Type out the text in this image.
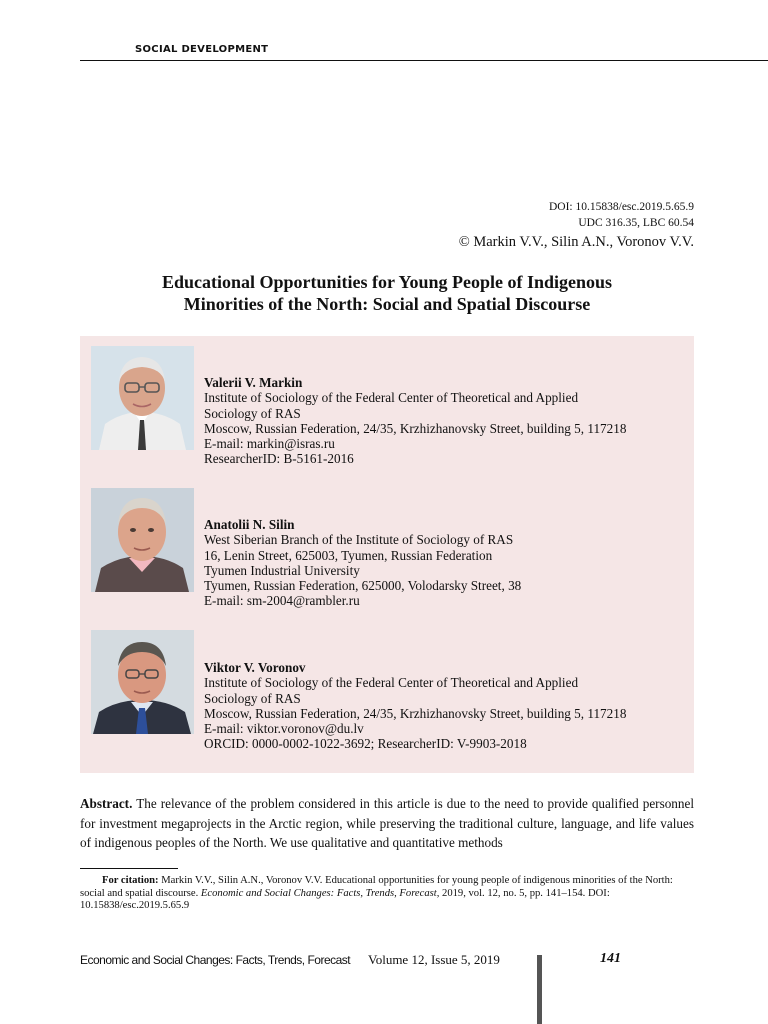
SOCIAL DEVELOPMENT
DOI: 10.15838/esc.2019.5.65.9
UDC 316.35, LBC 60.54
© Markin V.V., Silin A.N., Voronov V.V.
Educational Opportunities for Young People of Indigenous
Minorities of the North: Social and Spatial Discourse
Valerii V. Markin
Institute of Sociology of the Federal Center of Theoretical and Applied
Sociology of RAS
Moscow, Russian Federation, 24/35, Krzhizhanovsky Street, building 5, 117218
E-mail: markin@isras.ru
ResearcherID: B-5161-2016
Anatolii N. Silin
West Siberian Branch of the Institute of Sociology of RAS
16, Lenin Street, 625003, Tyumen, Russian Federation
Tyumen Industrial University
Tyumen, Russian Federation, 625000, Volodarsky Street, 38
E-mail: sm-2004@rambler.ru
Viktor V. Voronov
Institute of Sociology of the Federal Center of Theoretical and Applied
Sociology of RAS
Moscow, Russian Federation, 24/35, Krzhizhanovsky Street, building 5, 117218
E-mail: viktor.voronov@du.lv
ORCID: 0000-0002-1022-3692; ResearcherID: V-9903-2018
Abstract. The relevance of the problem considered in this article is due to the need to provide qualified personnel for investment megaprojects in the Arctic region, while preserving the traditional culture, language, and life values of indigenous peoples of the North. We use qualitative and quantitative methods
For citation: Markin V.V., Silin A.N., Voronov V.V. Educational opportunities for young people of indigenous minorities of the North: social and spatial discourse. Economic and Social Changes: Facts, Trends, Forecast, 2019, vol. 12, no. 5, pp. 141–154. DOI: 10.15838/esc.2019.5.65.9
Economic and Social Changes: Facts, Trends, Forecast Volume 12, Issue 5, 2019	141
